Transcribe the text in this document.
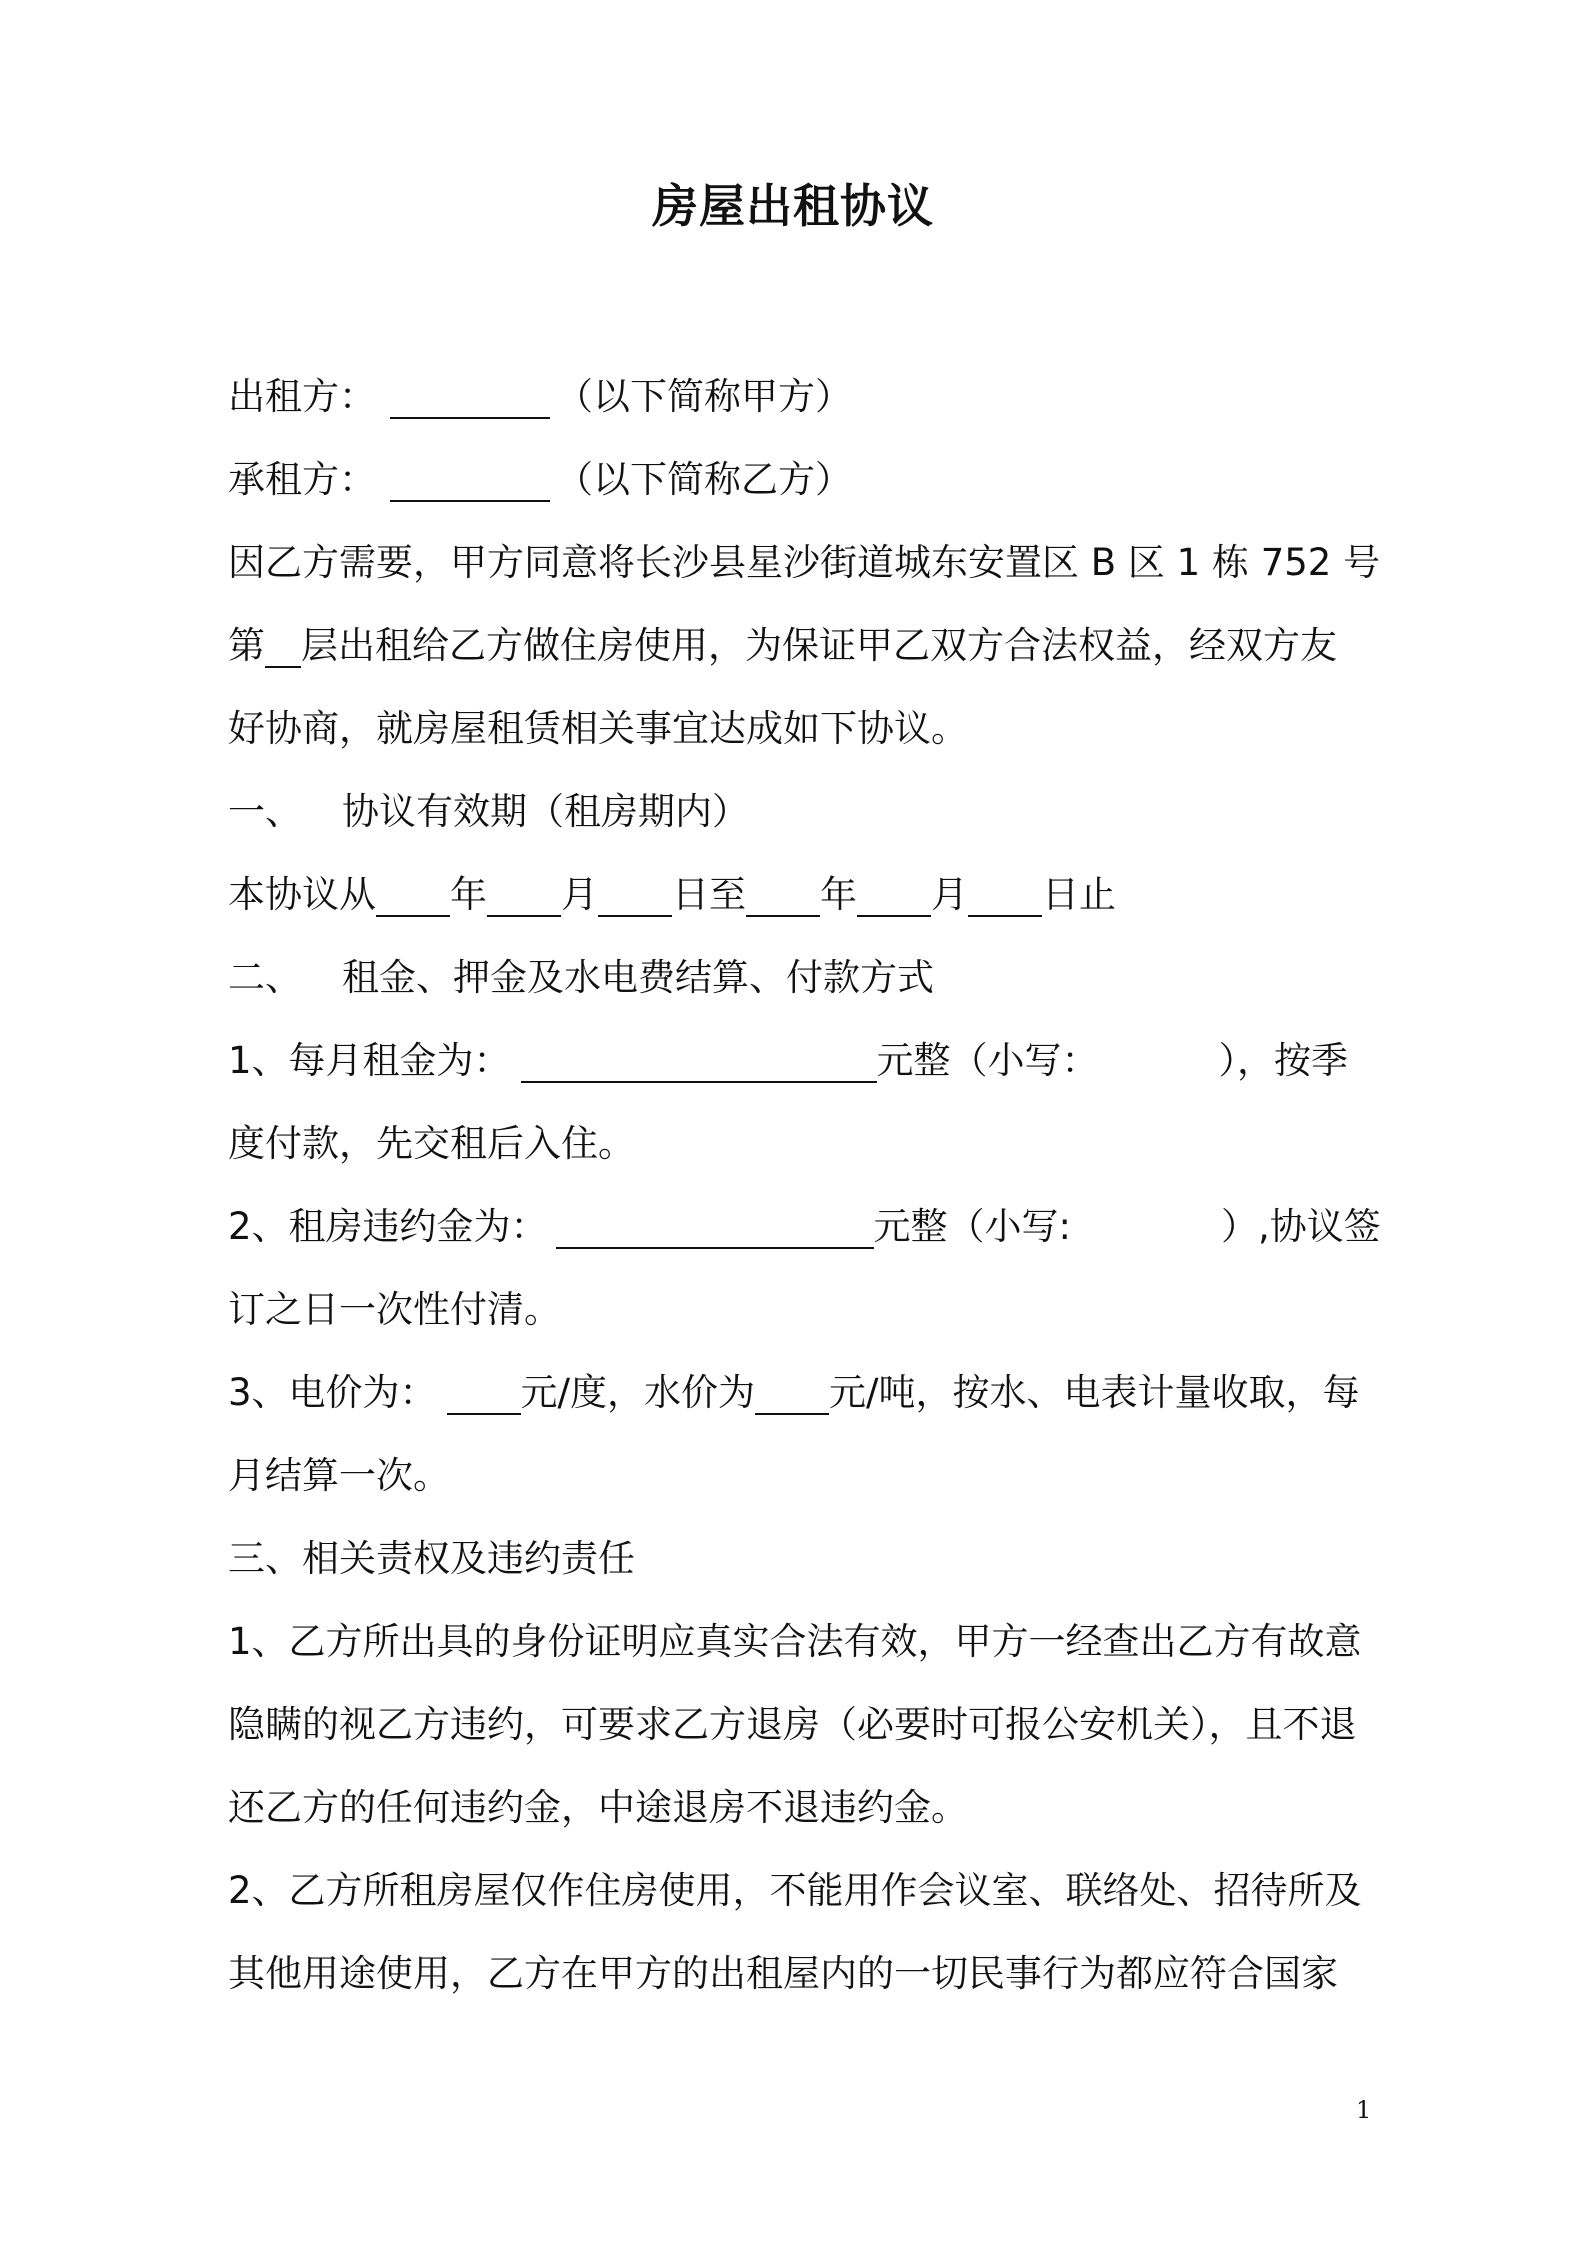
房屋出租协议
出租方：	（以下简称甲方）
承租方：	（以下简称乙方）
因乙方需要，甲方同意将长沙县星沙街道城东安置区 B 区 1 栋 752 号
第 层出租给乙方做住房使用，为保证甲乙双方合法权益，经双方友
好协商，就房屋租赁相关事宜达成如下协议。
一、 协议有效期（租房期内）
本协议从 年 月 日至 年 月 日止
二、 租金、押金及水电费结算、付款方式
1、每月租金为：	元整（小写：	），按季
度付款，先交租后入住。
2、租房违约金为：	元整（小写:	）,协议签
订之日一次性付清。
3、电价为： 元/度，水价为 元/吨，按水、电表计量收取，每
月结算一次。
三、相关责权及违约责任
1、乙方所出具的身份证明应真实合法有效，甲方一经查出乙方有故意
隐瞒的视乙方违约，可要求乙方退房（必要时可报公安机关），且不退
还乙方的任何违约金，中途退房不退违约金。
2、乙方所租房屋仅作住房使用，不能用作会议室、联络处、招待所及
其他用途使用，乙方在甲方的出租屋内的一切民事行为都应符合国家
1
